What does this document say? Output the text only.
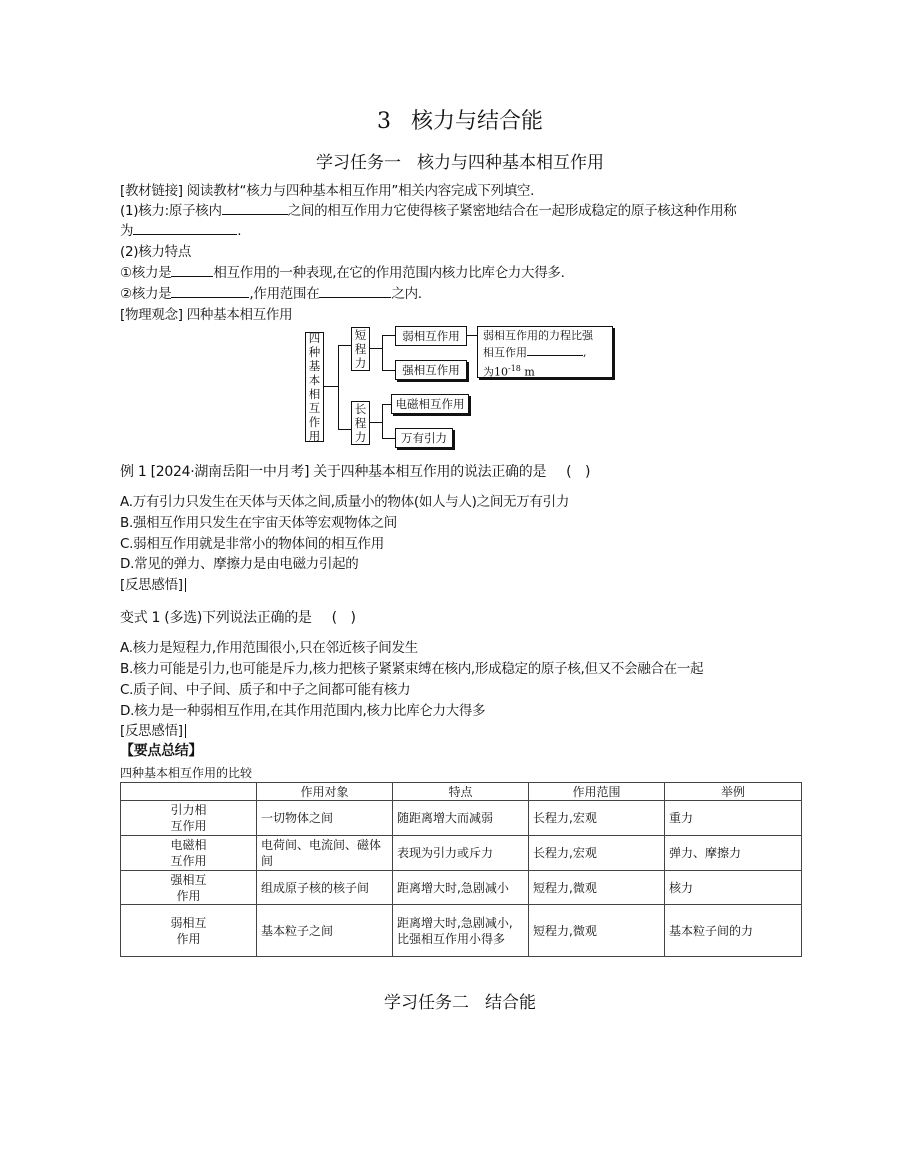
3 核力与结合能
学习任务一 核力与四种基本相互作用
[教材链接] 阅读教材“核力与四种基本相互作用”相关内容完成下列填空.
(1)核力:原子核内	之间的相互作用力它使得核子紧密地结合在一起形成稳定的原子核这种作用称
为	.
(2)核力特点
①核力是	相互作用的一种表现,在它的作用范围内核力比库仑力大得多.
②核力是	,作用范围在	之内.
[物理观念] 四种基本相互作用
四
种
基
本
相
互
作
用
短
程
力
长
程
力
弱相互作用
强相互作用
电磁相互作用
万有引力
弱相互作用的力程比强
相互作用	,
为$10^{-18}$ m
例 1 [2024·湖南岳阳一中月考] 关于四种基本相互作用的说法正确的是 (　)
A.万有引力只发生在天体与天体之间,质量小的物体(如人与人)之间无万有引力
B.强相互作用只发生在宇宙天体等宏观物体之间
C.弱相互作用就是非常小的物体间的相互作用
D.常见的弹力、摩擦力是由电磁力引起的
[反思感悟]
变式 1 (多选)下列说法正确的是 (　)
A.核力是短程力,作用范围很小,只在邻近核子间发生
B.核力可能是引力,也可能是斥力,核力把核子紧紧束缚在核内,形成稳定的原子核,但又不会融合在一起
C.质子间、中子间、质子和中子之间都可能有核力
D.核力是一种弱相互作用,在其作用范围内,核力比库仑力大得多
[反思感悟]
【要点总结】
四种基本相互作用的比较
	作用对象	特点	作用范围	举例

引力相
互作用	一切物体之间	随距离增大而减弱	长程力,宏观	重力

电磁相
互作用	电荷间、电流间、磁体间	表现为引力或斥力	长程力,宏观	弹力、摩擦力

强相互
作用	组成原子核的核子间	距离增大时,急剧减小	短程力,微观	核力

弱相互
作用	基本粒子之间	距离增大时,急剧减小,比强相互作用小得多	短程力,微观	基本粒子间的力
学习任务二 结合能
